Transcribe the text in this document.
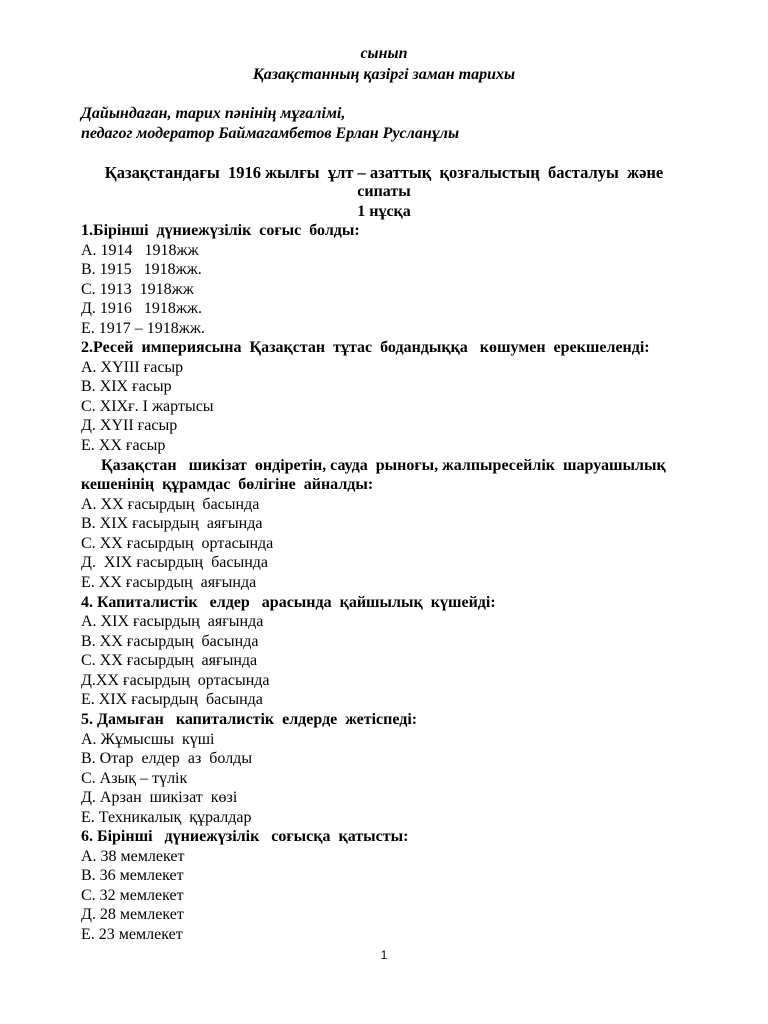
сынып
Қазақстанның қазіргі заман тарихы
Дайындаған, тарих пәнінің мұғалімі,
педагог модератор Баймагамбетов Ерлан Русланұлы
Қазақстандағы  1916 жылғы  ұлт – азаттық  қозғалыстың  басталуы  және
сипаты
1 нұсқа
1.Бірінші  дүниежүзілік  соғыс  болды:
А. 1914   1918жж
В. 1915   1918жж.
С. 1913  1918жж
Д. 1916   1918жж.
Е. 1917 – 1918жж.
2.Ресей  империясына  Қазақстан  тұтас  бодандыққа   көшумен  ерекшеленді:
А. XYIII ғасыр
В. XIX ғасыр
С. XIXғ. I жартысы
Д. XYII ғасыр
Е. XX ғасыр
Қазақстан   шикізат  өндіретін, сауда  рыноғы, жалпыресейлік  шаруашылық
кешенінің  құрамдас  бөлігіне  айналды:
А. XX ғасырдың  басында
В. XIX ғасырдың  аяғында
С. XX ғасырдың  ортасында
Д.  XIX ғасырдың  басында
Е. XX ғасырдың  аяғында
4. Капиталистік   елдер   арасында  қайшылық  күшейді:
А. XIX ғасырдың  аяғында
В. XX ғасырдың  басында
С. XX ғасырдың  аяғында
Д.XX ғасырдың  ортасында
Е. XIX ғасырдың  басында
5. Дамыған   капиталистік  елдерде  жетіспеді:
А. Жұмысшы  күші
В. Отар  елдер  аз  болды
С. Азық – түлік
Д. Арзан  шикізат  көзі
Е. Техникалық  құралдар
6. Бірінші   дүниежүзілік   соғысқа  қатысты:
А. 38 мемлекет
В. 36 мемлекет
С. 32 мемлекет
Д. 28 мемлекет
Е. 23 мемлекет
1
